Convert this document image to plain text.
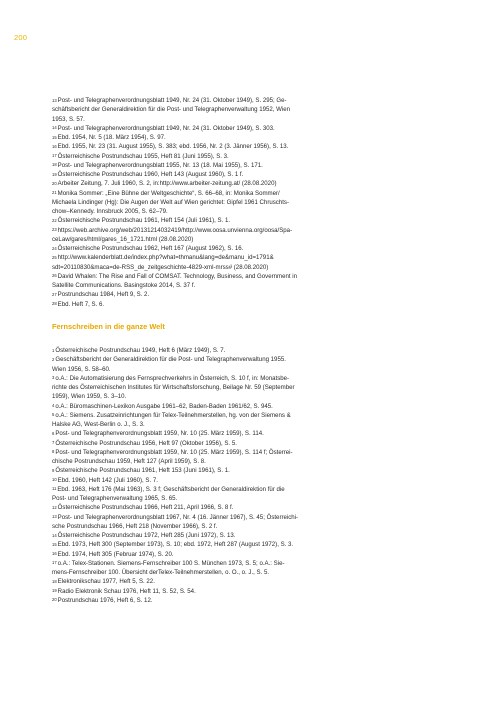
200

$^{13}$Post- und Telegraphenverordnungsblatt 1949, Nr. 24 (31. Oktober 1949), S. 295; Ge-

schäftsbericht der Generaldirektion für die Post- und Telegraphenverwaltung 1952, Wien

1953, S. 57.

$^{14}$Post- und Telegraphenverordnungsblatt 1949, Nr. 24 (31. Oktober 1949), S. 303.

$^{15}$Ebd. 1954, Nr. 5 (18. März 1954), S. 97.

$^{16}$Ebd. 1955, Nr. 23 (31. August 1955), S. 383; ebd. 1956, Nr. 2 (3. Jänner 1956), S. 13.

$^{17}$Österreichische Postrundschau 1955, Heft 81 (Juni 1955), S. 3.

$^{18}$Post- und Telegraphenverordnungsblatt 1955, Nr. 13 (18. Mai 1955), S. 171.

$^{19}$Österreichische Postrundschau 1960, Heft 143 (August 1960), S. 1 f.

$^{20}$Arbeiter Zeitung, 7. Juli 1960, S. 2, in:http://www.arbeiter-zeitung.at/ (28.08.2020)

$^{21}$Monika Sommer: „Eine Bühne der Weltgeschichte“, S. 66–68, in: Monika Sommer/

Michaela Lindinger (Hg): Die Augen der Welt auf Wien gerichtet: Gipfel 1961 Chruschts-

chow–Kennedy. Innsbruck 2005, S. 62–79.

$^{22}$Österreichische Postrundschau 1961, Heft 154 (Juli 1961), S. 1.

$^{23}$https://web.archive.org/web/20131214032419/http://www.oosa.unvienna.org/oosa/Spa-

ceLaw/gares/html/gares_16_1721.html (28.08.2020)

$^{24}$Österreichische Postrundschau 1962, Heft 167 (August 1962), S. 16.

$^{25}$http://www.kalenderblatt.de/index.php?what=thmanu&lang=de&manu_id=1791&

sdt=20110830&maca=de-RSS_de_zeitgeschichte-4829-xml-mrss# (28.08.2020)

$^{26}$David Whalen: The Rise and Fall of COMSAT. Technology, Business, and Government in

Satellite Communications. Basingstoke 2014, S. 37 f.

$^{27}$Postrundschau 1984, Heft 9, S. 2.

$^{28}$Ebd. Heft 7, S. 6.

Fernschreiben in die ganze Welt

$^1$Österreichische Postrundschau 1949, Heft 6 (März 1949), S. 7.

$^2$Geschäftsbericht der Generaldirektion für die Post- und Telegraphenverwaltung 1955.

Wien 1956, S. 58–60.

$^3$o.A.: Die Automatisierung des Fernsprechverkehrs in Österreich, S. 10 f, in: Monatsbe-

richte des Österreichischen Institutes für Wirtschaftsforschung, Beilage Nr. 59 (September

1959), Wien 1959, S. 3–10.

$^4$o.A.: Büromaschinen-Lexikon Ausgabe 1961–62, Baden-Baden 1961/62, S. 945.

$^5$o.A.: Siemens. Zusatzeinrichtungen für Telex-Teilnehmerstellen, hg. von der Siemens &

Halske AG, West-Berlin o. J., S. 3.

$^6$Post- und Telegraphenverordnungsblatt 1959, Nr. 10 (25. März 1959), S. 114.

$^7$Österreichische Postrundschau 1956, Heft 97 (Oktober 1956), S. 5.

$^8$Post- und Telegraphenverordnungsblatt 1959, Nr. 10 (25. März 1959), S. 114 f; Österrei-

chische Postrundschau 1959, Heft 127 (April 1959), S. 8.

$^9$Österreichische Postrundschau 1961, Heft 153 (Juni 1961), S. 1.

$^{10}$Ebd. 1960, Heft 142 (Juli 1960), S. 7.

$^{11}$Ebd. 1963, Heft 176 (Mai 1963), S. 3 f; Geschäftsbericht der Generaldirektion für die

Post- und Telegraphenverwaltung 1965, S. 65.

$^{12}$Österreichische Postrundschau 1966, Heft 211, April 1966, S. 8 f.

$^{13}$Post- und Telegraphenverordnungsblatt 1967, Nr. 4 (16. Jänner 1967), S. 45; Österreichi-

sche Postrundschau 1966, Heft 218 (November 1966), S. 2 f.

$^{14}$Österreichische Postrundschau 1972, Heft 285 (Juni 1972), S. 13.

$^{15}$Ebd. 1973, Heft 300 (September 1973), S. 10; ebd. 1972, Heft 287 (August 1972), S. 3.

$^{16}$Ebd. 1974, Heft 305 (Februar 1974), S. 20.

$^{17}$o.A.: Telex-Stationen. Siemens-Fernschreiber 100 S. München 1973, S. 5; o.A.: Sie-

mens-Fernschreiber 100. Übersicht derTelex-Teilnehmerstellen, o. O., o. J., S. 5.

$^{18}$Elektronikschau 1977, Heft 5, S. 22.

$^{19}$Radio Elektronik Schau 1976, Heft 11, S. 52, S. 54.

$^{20}$Postrundschau 1976, Heft 6, S. 12.
